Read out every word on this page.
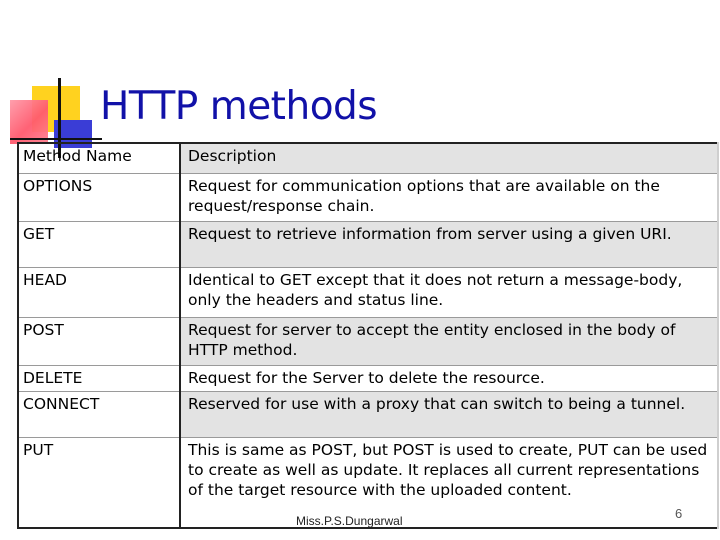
HTTP methods
Method Name	Description
OPTIONS	Request for communication options that are available on the request/response chain.
GET	Request to retrieve information from server using a given URI.
HEAD	Identical to GET except that it does not return a message-body, only the headers and status line.
POST	Request for server to accept the entity enclosed in the body of HTTP method.
DELETE	Request for the Server to delete the resource.
CONNECT	Reserved for use with a proxy that can switch to being a tunnel.
PUT	This is same as POST, but POST is used to create, PUT can be used to create as well as update. It replaces all current representations of the target resource with the uploaded content.
Miss.P.S.Dungarwal	6
